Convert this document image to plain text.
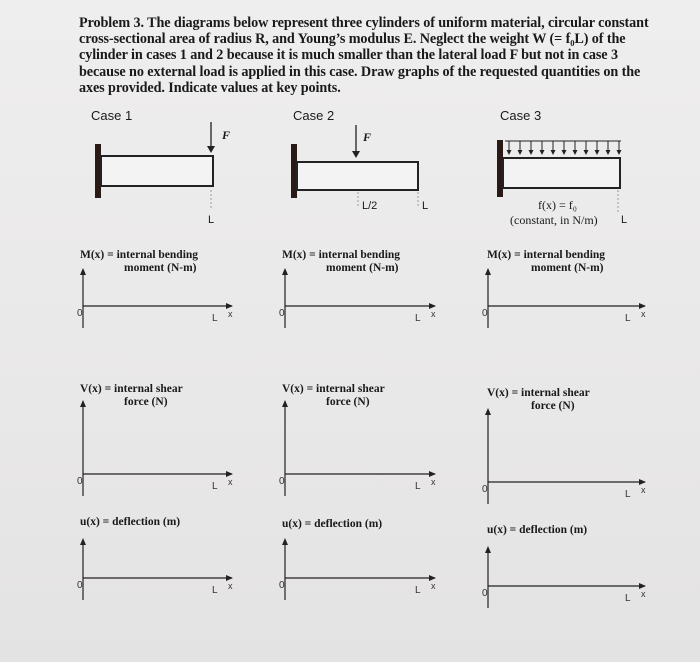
Problem 3. The diagrams below represent three cylinders of uniform material, circular constant

cross-sectional area of radius R, and Young’s modulus E. Neglect the weight W (= f₀L) of the

cylinder in cases 1 and 2 because it is much smaller than the lateral load F but not in case 3

because no external load is applied in this case. Draw graphs of the requested quantities on the

axes provided. Indicate values at key points.

Case 1	Case 2	Case 3
F
L
F
L/2	L	f(x) = f₀
(constant, in N/m) L
M(x) = internal bending
moment (N-m)
M(x) = internal bending
moment (N-m)
M(x) = internal bending
moment (N-m)
V(x) = internal shear
force (N)
V(x) = internal shear
force (N)
V(x) = internal shear
force (N)
u(x) = deflection (m)	u(x) = deflection (m)	u(x) = deflection (m)
0	L x
0	L x
0	L x
0	L x
0	L x
0	L x
0	L x
0	L x
0	L x
